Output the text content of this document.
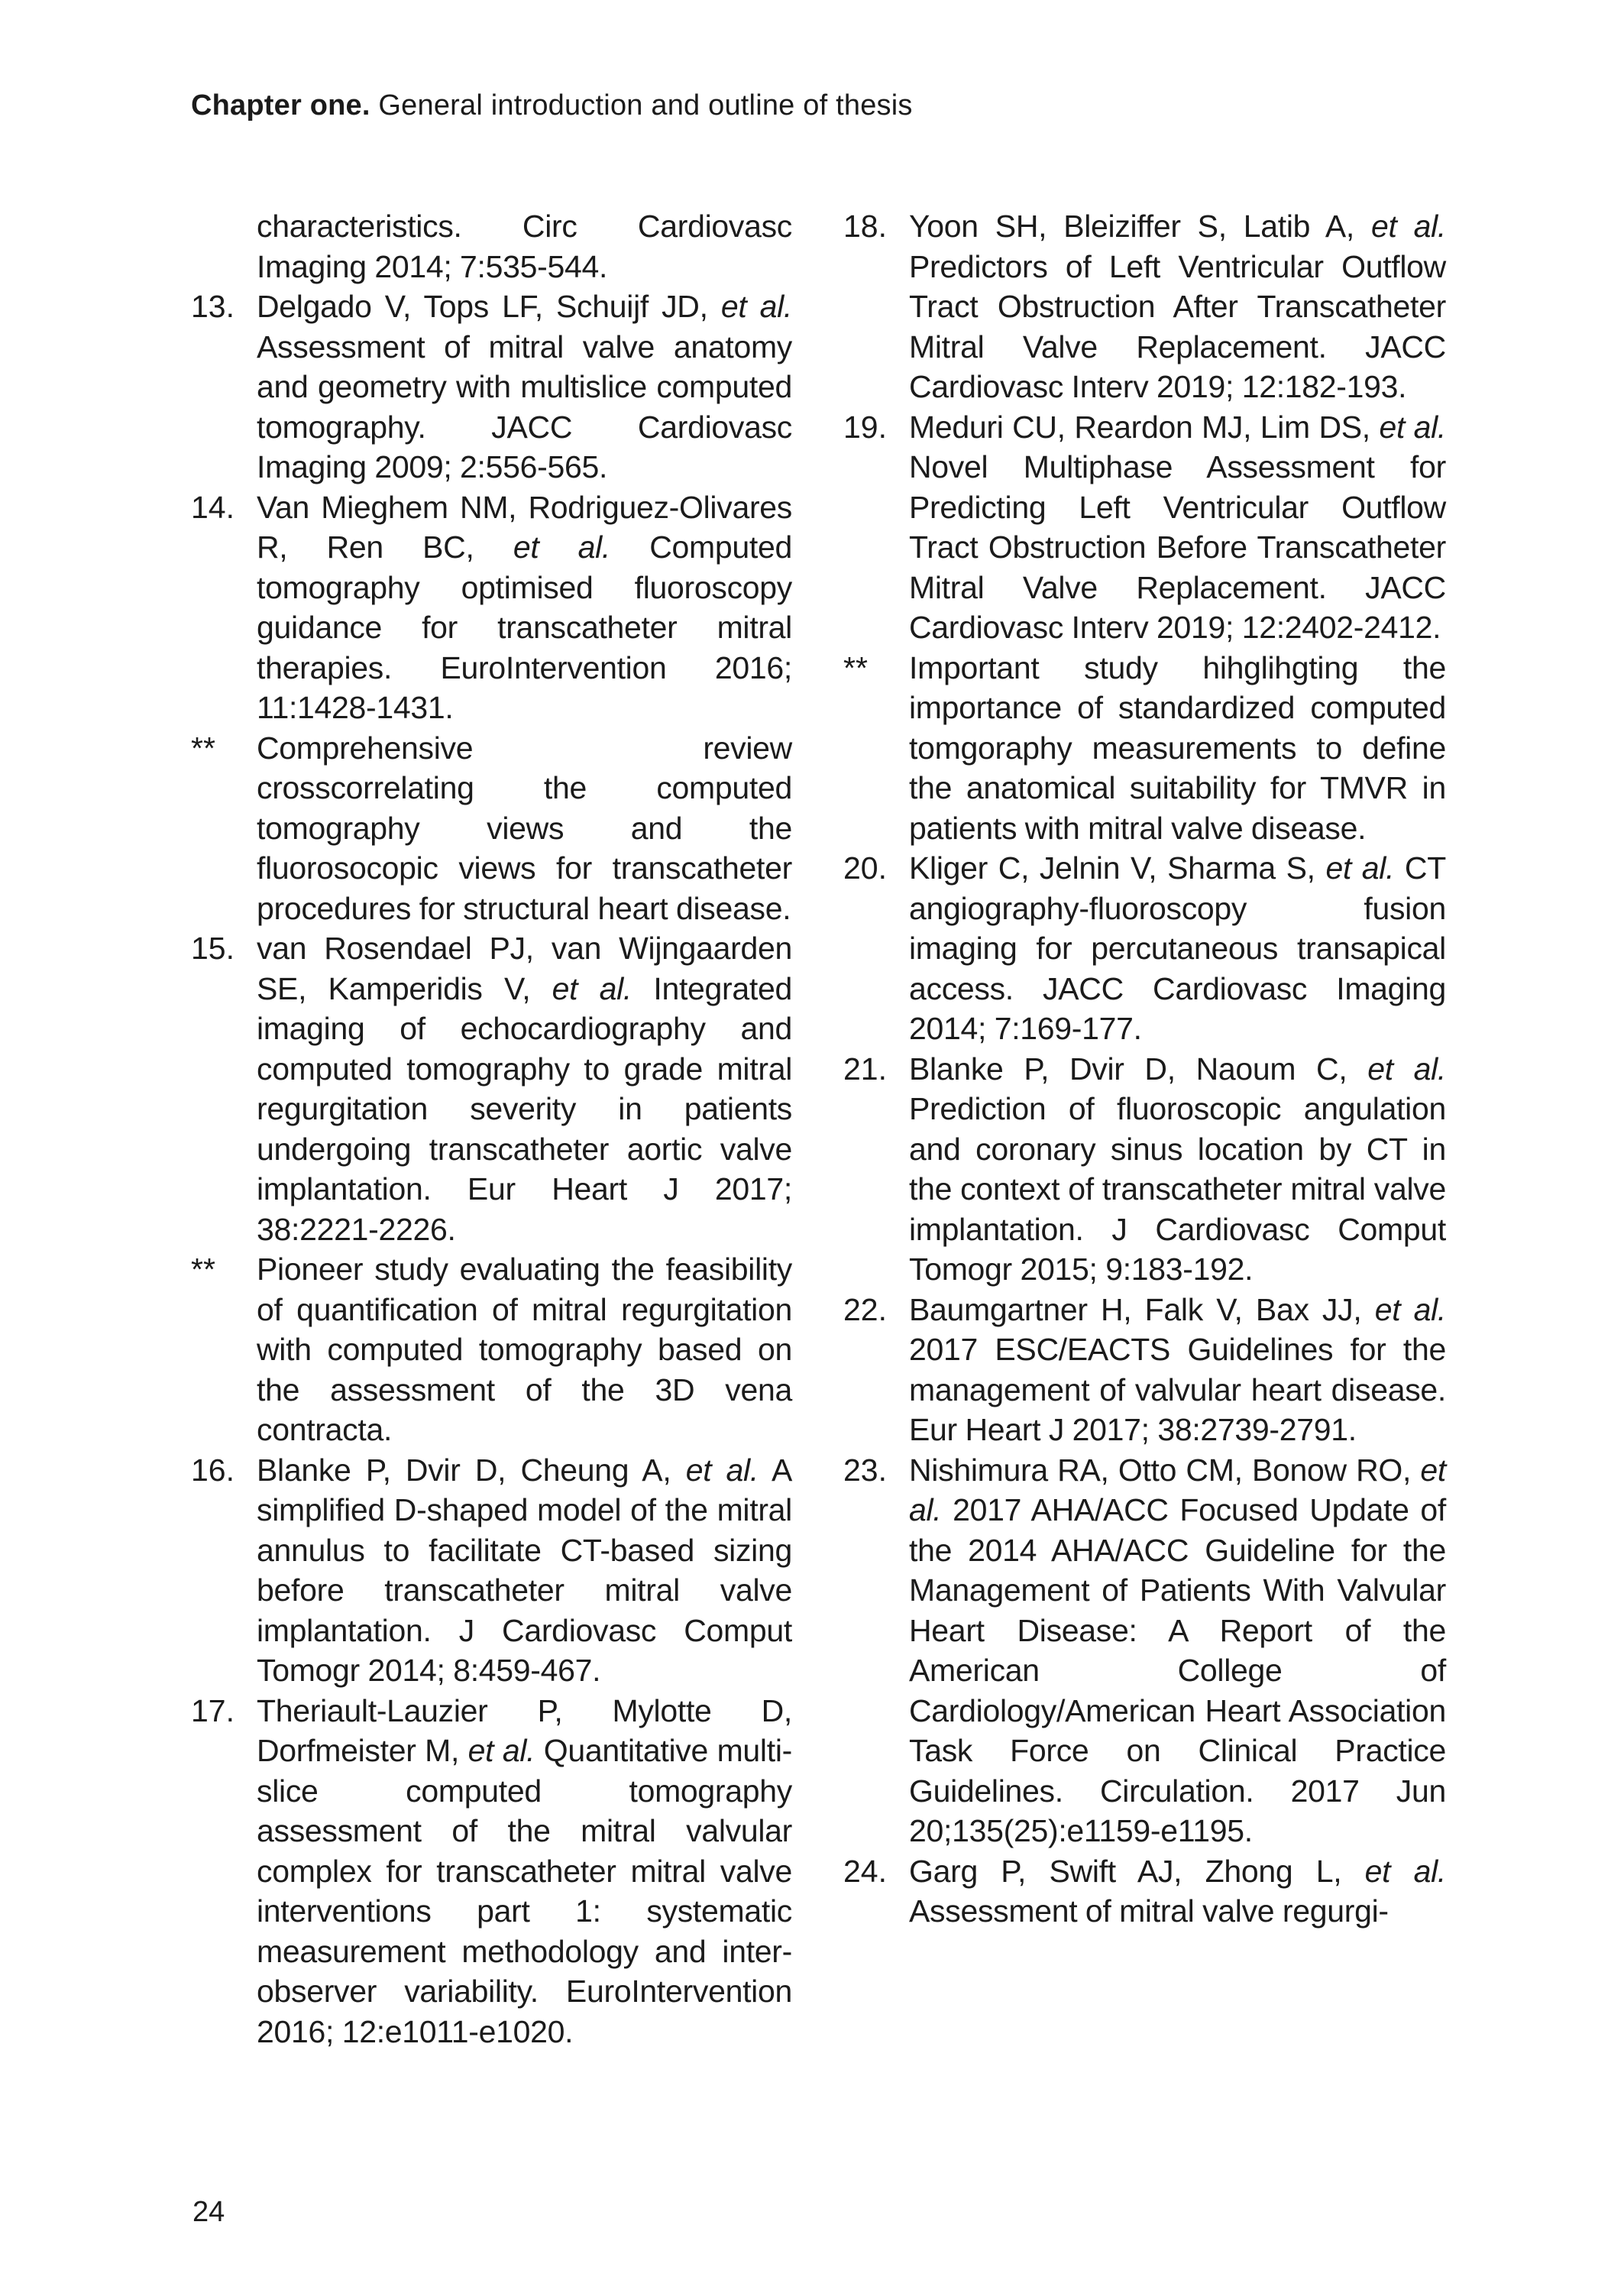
Chapter one. General introduction and outline of thesis
characteristics. Circ Cardiovasc Imaging 2014; 7:535-544.
13. Delgado V, Tops LF, Schuijf JD, et al. Assessment of mitral valve anatomy and geometry with multislice computed tomography. JACC Cardiovasc Imaging 2009; 2:556-565.
14. Van Mieghem NM, Rodriguez-Olivares R, Ren BC, et al. Computed tomography optimised fluoroscopy guidance for transcatheter mitral therapies. EuroIntervention 2016; 11:1428-1431.
** Comprehensive review crosscorrelating the computed tomography views and the fluorosocopic views for transcatheter procedures for structural heart disease.
15. van Rosendael PJ, van Wijngaarden SE, Kamperidis V, et al. Integrated imaging of echocardiography and computed tomography to grade mitral regurgitation severity in patients undergoing transcatheter aortic valve implantation. Eur Heart J 2017; 38:2221-2226.
** Pioneer study evaluating the feasibility of quantification of mitral regurgitation with computed tomography based on the assessment of the 3D vena contracta.
16. Blanke P, Dvir D, Cheung A, et al. A simplified D-shaped model of the mitral annulus to facilitate CT-based sizing before transcatheter mitral valve implantation. J Cardiovasc Comput Tomogr 2014; 8:459-467.
17. Theriault-Lauzier P, Mylotte D, Dorfmeister M, et al. Quantitative multi-slice computed tomography assessment of the mitral valvular complex for transcatheter mitral valve interventions part 1: systematic measurement methodology and inter-observer variability. EuroIntervention 2016; 12:e1011-e1020.
18. Yoon SH, Bleiziffer S, Latib A, et al. Predictors of Left Ventricular Outflow Tract Obstruction After Transcatheter Mitral Valve Replacement. JACC Cardiovasc Interv 2019; 12:182-193.
19. Meduri CU, Reardon MJ, Lim DS, et al. Novel Multiphase Assessment for Predicting Left Ventricular Outflow Tract Obstruction Before Transcatheter Mitral Valve Replacement. JACC Cardiovasc Interv 2019; 12:2402-2412.
** Important study hihglihgting the importance of standardized computed tomgoraphy measurements to define the anatomical suitability for TMVR in patients with mitral valve disease.
20. Kliger C, Jelnin V, Sharma S, et al. CT angiography-fluoroscopy fusion imaging for percutaneous transapical access. JACC Cardiovasc Imaging 2014; 7:169-177.
21. Blanke P, Dvir D, Naoum C, et al. Prediction of fluoroscopic angulation and coronary sinus location by CT in the context of transcatheter mitral valve implantation. J Cardiovasc Comput Tomogr 2015; 9:183-192.
22. Baumgartner H, Falk V, Bax JJ, et al. 2017 ESC/EACTS Guidelines for the management of valvular heart disease. Eur Heart J 2017; 38:2739-2791.
23. Nishimura RA, Otto CM, Bonow RO, et al. 2017 AHA/ACC Focused Update of the 2014 AHA/ACC Guideline for the Management of Patients With Valvular Heart Disease: A Report of the American College of Cardiology/American Heart Association Task Force on Clinical Practice Guidelines. Circulation. 2017 Jun 20;135(25):e1159-e1195.
24. Garg P, Swift AJ, Zhong L, et al. Assessment of mitral valve regurgi-
24
